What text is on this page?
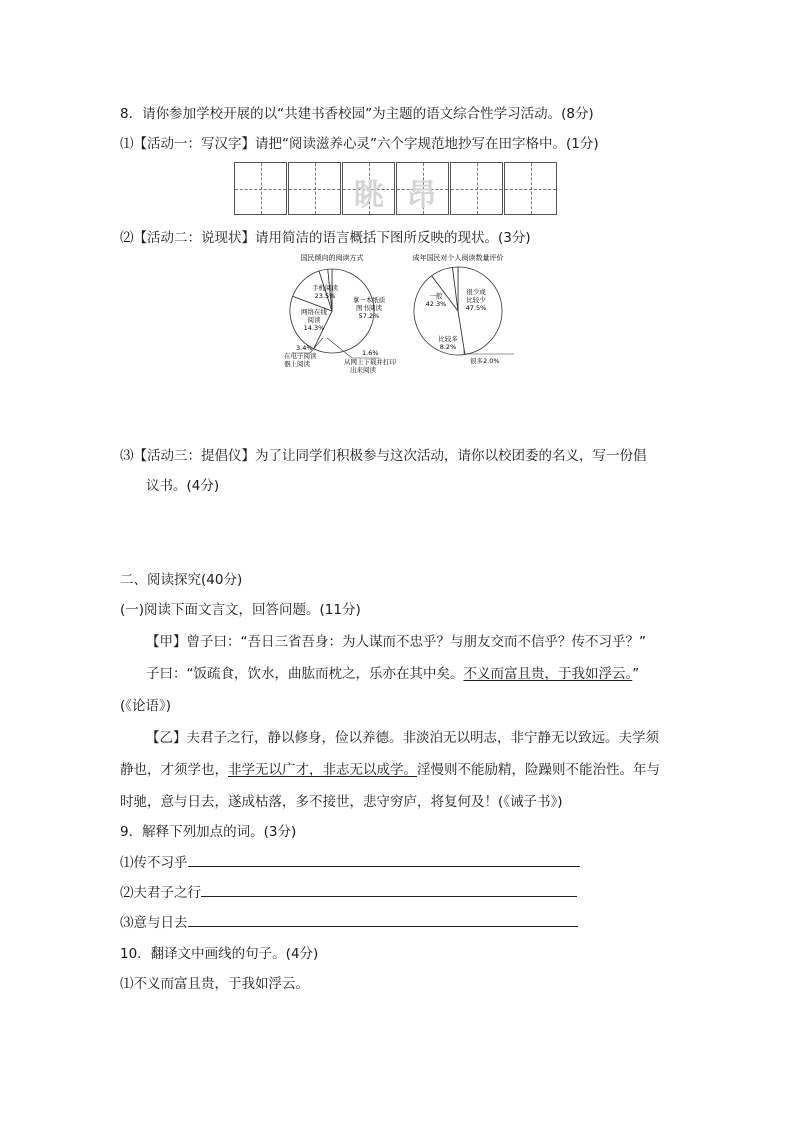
8．请你参加学校开展的以“共建书香校园”为主题的语文综合性学习活动。(8分)
⑴【活动一：写汉字】请把“阅读滋养心灵”六个字规范地抄写在田字格中。(1分)
眺 昂
⑵【活动二：说现状】请用简洁的语言概括下图所反映的现状。(3分)
国民倾向的阅读方式
拿一本纸质
图书阅读
57.2%
手机阅读
23.5%
网络在线
阅读
14.3%
3.4%
在电子阅读
器上阅读
1.6%
从网上下载并打印
出来阅读
成年国民对个人阅读数量评价
很少或
比较少
47.5%
一般
42.3%
比较多
8.2%
很多2.0%
⑶【活动三：提倡仪】为了让同学们积极参与这次活动，请你以校团委的名义，写一份倡
议书。(4分)
二、阅读探究(40分)
(一)阅读下面文言文，回答问题。(11分)
【甲】曾子曰：“吾日三省吾身：为人谋而不忠乎？与朋友交而不信乎？传不习乎？”
子曰：“饭疏食，饮水，曲肱而枕之，乐亦在其中矣。不义而富且贵，于我如浮云。”
(《论语》)
【乙】夫君子之行，静以修身，俭以养德。非淡泊无以明志，非宁静无以致远。夫学须
静也，才须学也，非学无以广才，非志无以成学。淫慢则不能励精，险躁则不能治性。年与
时驰，意与日去，遂成枯落，多不接世，悲守穷庐，将复何及！(《诫子书》)
9．解释下列加点的词。(3分)
⑴传不习乎
⑵夫君子之行
⑶意与日去
10．翻译文中画线的句子。(4分)
⑴不义而富且贵，于我如浮云。
